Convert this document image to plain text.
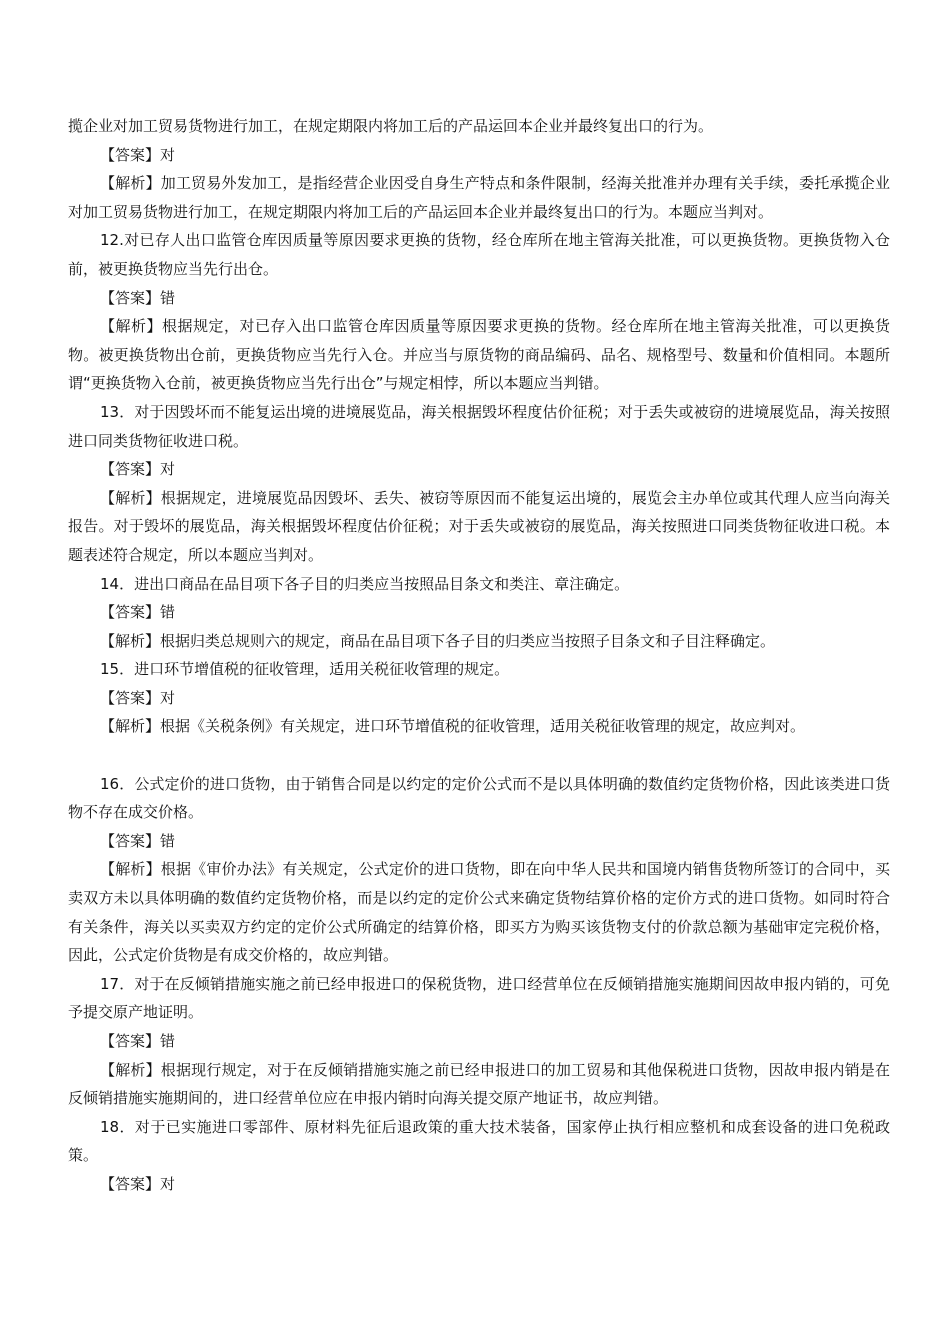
揽企业对加工贸易货物进行加工，在规定期限内将加工后的产品运回本企业并最终复出口的行为。

【答案】对

【解析】加工贸易外发加工，是指经营企业因受自身生产特点和条件限制，经海关批准并办理有关手续，委托承揽企业对加工贸易货物进行加工，在规定期限内将加工后的产品运回本企业并最终复出口的行为。本题应当判对。

12.对已存人出口监管仓库因质量等原因要求更换的货物，经仓库所在地主管海关批准，可以更换货物。更换货物入仓前，被更换货物应当先行出仓。

【答案】错

【解析】根据规定，对已存入出口监管仓库因质量等原因要求更换的货物。经仓库所在地主管海关批准，可以更换货物。被更换货物出仓前，更换货物应当先行入仓。并应当与原货物的商品编码、品名、规格型号、数量和价值相同。本题所谓“更换货物入仓前，被更换货物应当先行出仓”与规定相悖，所以本题应当判错。

13．对于因毁坏而不能复运出境的进境展览品，海关根据毁坏程度估价征税；对于丢失或被窃的进境展览品，海关按照进口同类货物征收进口税。

【答案】对

【解析】根据规定，进境展览品因毁坏、丢失、被窃等原因而不能复运出境的，展览会主办单位或其代理人应当向海关报告。对于毁坏的展览品，海关根据毁坏程度估价征税；对于丢失或被窃的展览品，海关按照进口同类货物征收进口税。本题表述符合规定，所以本题应当判对。

14．进出口商品在品目项下各子目的归类应当按照品目条文和类注、章注确定。

【答案】错

【解析】根据归类总规则六的规定，商品在品目项下各子目的归类应当按照子目条文和子目注释确定。

15．进口环节增值税的征收管理，适用关税征收管理的规定。

【答案】对

【解析】根据《关税条例》有关规定，进口环节增值税的征收管理，适用关税征收管理的规定，故应判对。

16．公式定价的进口货物，由于销售合同是以约定的定价公式而不是以具体明确的数值约定货物价格，因此该类进口货物不存在成交价格。

【答案】错

【解析】根据《审价办法》有关规定，公式定价的进口货物，即在向中华人民共和国境内销售货物所签订的合同中，买卖双方未以具体明确的数值约定货物价格，而是以约定的定价公式来确定货物结算价格的定价方式的进口货物。如同时符合有关条件，海关以买卖双方约定的定价公式所确定的结算价格，即买方为购买该货物支付的价款总额为基础审定完税价格，因此，公式定价货物是有成交价格的，故应判错。

17．对于在反倾销措施实施之前已经申报进口的保税货物，进口经营单位在反倾销措施实施期间因故申报内销的，可免予提交原产地证明。

【答案】错

【解析】根据现行规定，对于在反倾销措施实施之前已经申报进口的加工贸易和其他保税进口货物，因故申报内销是在反倾销措施实施期间的，进口经营单位应在申报内销时向海关提交原产地证书，故应判错。

18．对于已实施进口零部件、原材料先征后退政策的重大技术装备，国家停止执行相应整机和成套设备的进口免税政策。

【答案】对
